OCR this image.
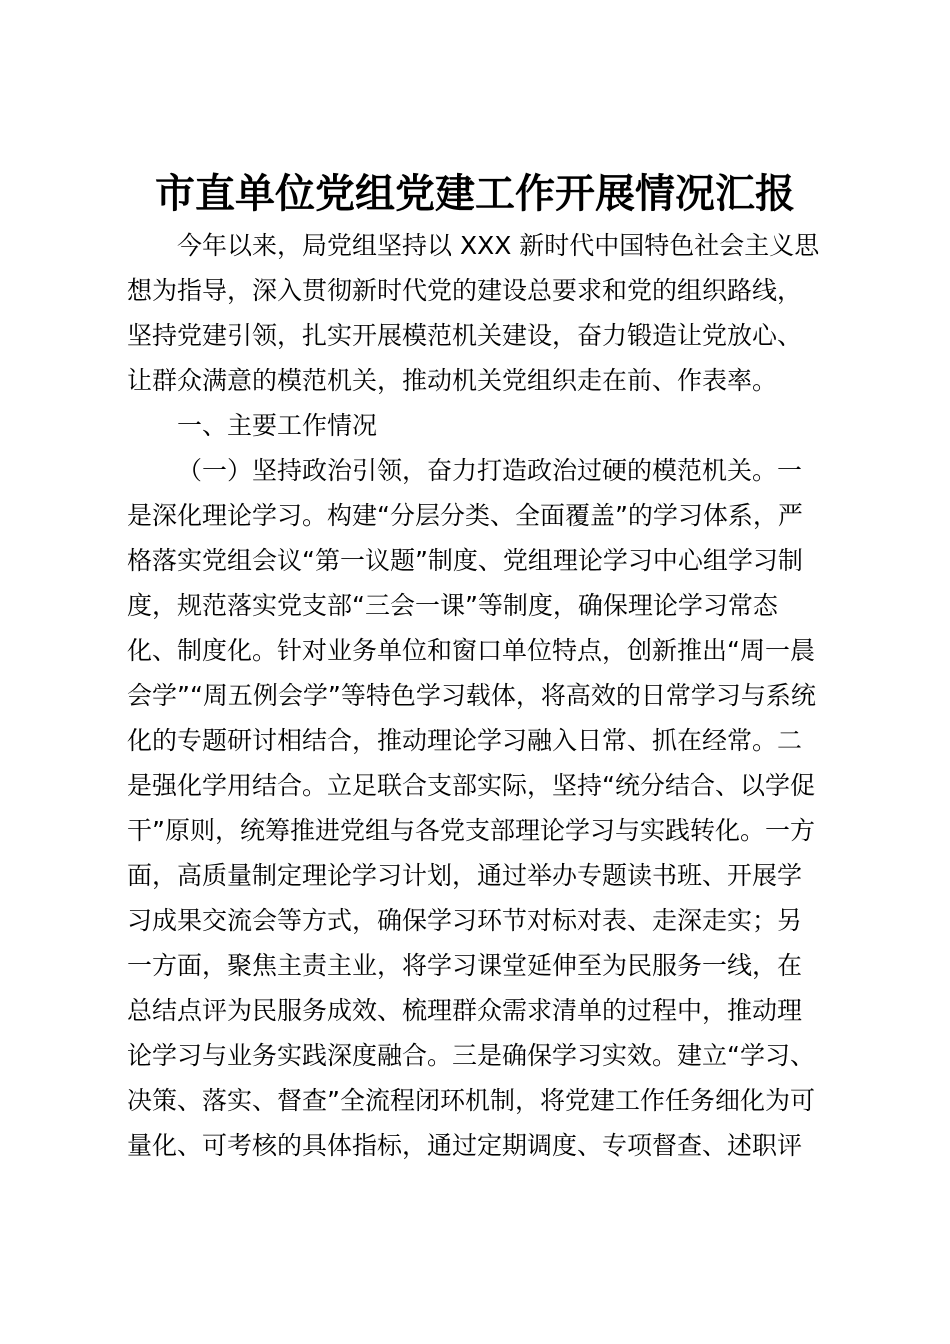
市直单位党组党建工作开展情况汇报

今年以来，局党组坚持以 XXX 新时代中国特色社会主义思
想为指导，深入贯彻新时代党的建设总要求和党的组织路线，
坚持党建引领，扎实开展模范机关建设，奋力锻造让党放心、
让群众满意的模范机关，推动机关党组织走在前、作表率。

一、主要工作情况

（一）坚持政治引领，奋力打造政治过硬的模范机关。一
是深化理论学习。构建“分层分类、全面覆盖”的学习体系，严
格落实党组会议“第一议题”制度、党组理论学习中心组学习制
度，规范落实党支部“三会一课”等制度，确保理论学习常态
化、制度化。针对业务单位和窗口单位特点，创新推出“周一晨
会学”“周五例会学”等特色学习载体，将高效的日常学习与系统
化的专题研讨相结合，推动理论学习融入日常、抓在经常。二
是强化学用结合。立足联合支部实际，坚持“统分结合、以学促
干”原则，统筹推进党组与各党支部理论学习与实践转化。一方
面，高质量制定理论学习计划，通过举办专题读书班、开展学
习成果交流会等方式，确保学习环节对标对表、走深走实；另
一方面，聚焦主责主业，将学习课堂延伸至为民服务一线，在
总结点评为民服务成效、梳理群众需求清单的过程中，推动理
论学习与业务实践深度融合。三是确保学习实效。建立“学习、
决策、落实、督查”全流程闭环机制，将党建工作任务细化为可
量化、可考核的具体指标，通过定期调度、专项督查、述职评
